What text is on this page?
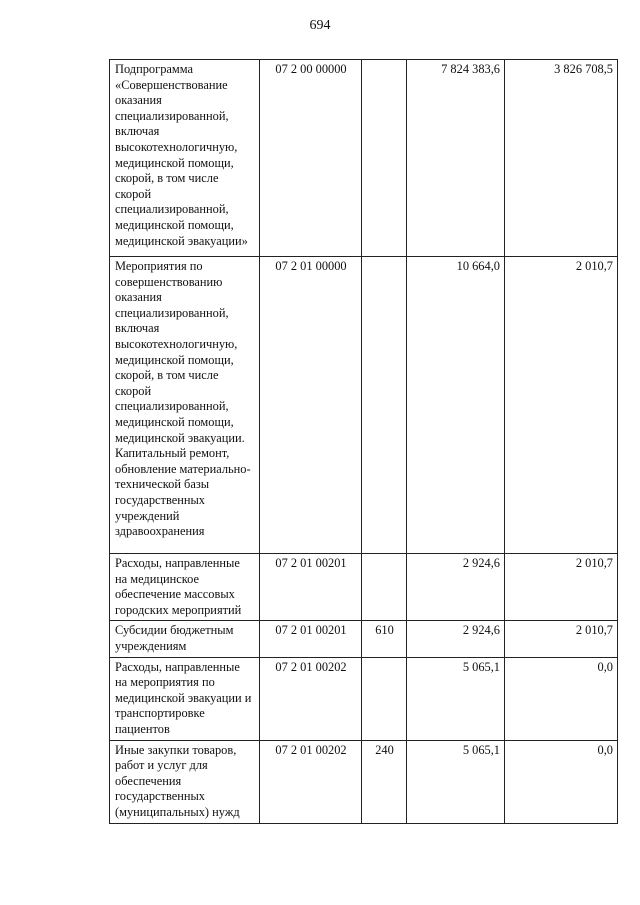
694
Подпрограмма «Совершенствование оказания специализированной, включая высокотехнологичную, медицинской помощи, скорой, в том числе скорой специализированной, медицинской помощи, медицинской эвакуации»	07 2 00 00000		7 824 383,6	3 826 708,5
Мероприятия по совершенствованию оказания специализированной, включая высокотехнологичную, медицинской помощи, скорой, в том числе скорой специализированной, медицинской помощи, медицинской эвакуации. Капитальный ремонт, обновление материально-технической базы государственных учреждений здравоохранения	07 2 01 00000		10 664,0	2 010,7
Расходы, направленные на медицинское обеспечение массовых городских мероприятий	07 2 01 00201		2 924,6	2 010,7
Субсидии бюджетным учреждениям	07 2 01 00201	610	2 924,6	2 010,7
Расходы, направленные на мероприятия по медицинской эвакуации и транспортировке пациентов	07 2 01 00202		5 065,1	0,0
Иные закупки товаров, работ и услуг для обеспечения государственных (муниципальных) нужд	07 2 01 00202	240	5 065,1	0,0
